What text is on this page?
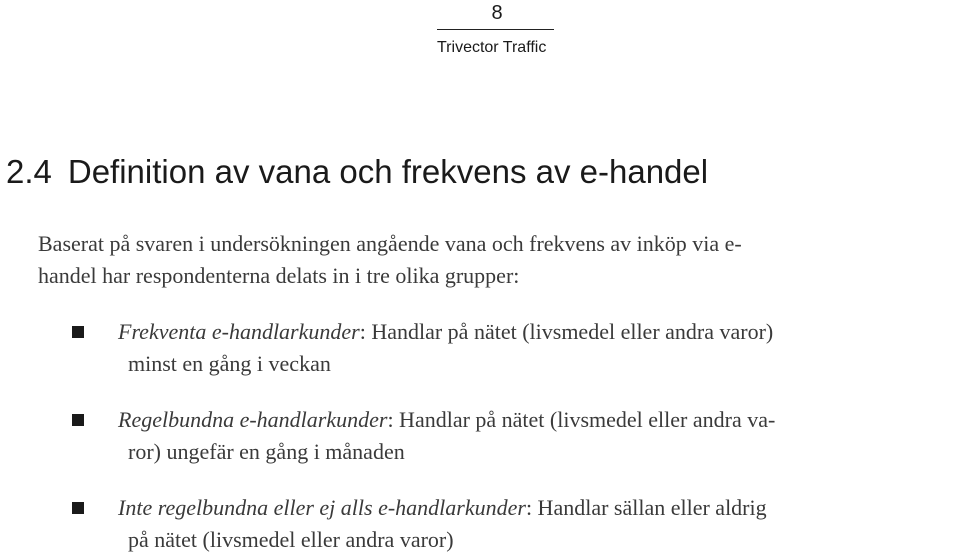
8
Trivector Traffic
2.4 Definition av vana och frekvens av e-handel

Baserat på svaren i undersökningen angående vana och frekvens av inköp via e-
handel har respondenterna delats in i tre olika grupper:

Frekventa e-handlarkunder: Handlar på nätet (livsmedel eller andra varor)
minst en gång i veckan
Regelbundna e-handlarkunder: Handlar på nätet (livsmedel eller andra va-
ror) ungefär en gång i månaden
Inte regelbundna eller ej alls e-handlarkunder: Handlar sällan eller aldrig
på nätet (livsmedel eller andra varor)
